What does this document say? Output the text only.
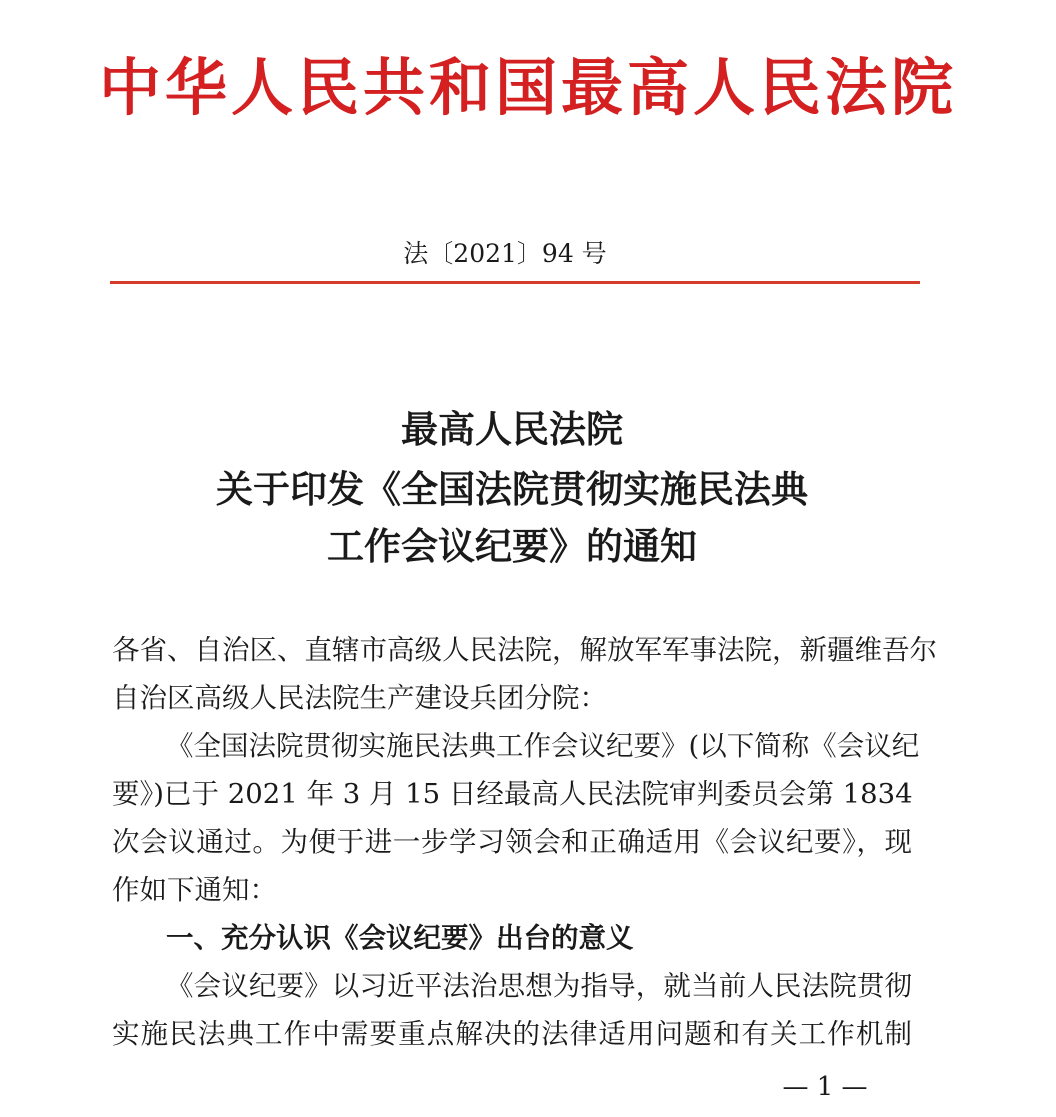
中华人民共和国最高人民法院
法〔2021〕94 号
最高人民法院
关于印发《全国法院贯彻实施民法典
工作会议纪要》的通知
各省、自治区、直辖市高级人民法院，解放军军事法院，新疆维吾尔
自治区高级人民法院生产建设兵团分院：
《全国法院贯彻实施民法典工作会议纪要》(以下简称《会议纪
要》)已于 2021 年 3 月 15 日经最高人民法院审判委员会第 1834
次会议通过。为便于进一步学习领会和正确适用《会议纪要》，现
作如下通知：
一、充分认识《会议纪要》出台的意义
《会议纪要》以习近平法治思想为指导，就当前人民法院贯彻
实施民法典工作中需要重点解决的法律适用问题和有关工作机制
— 1 —
